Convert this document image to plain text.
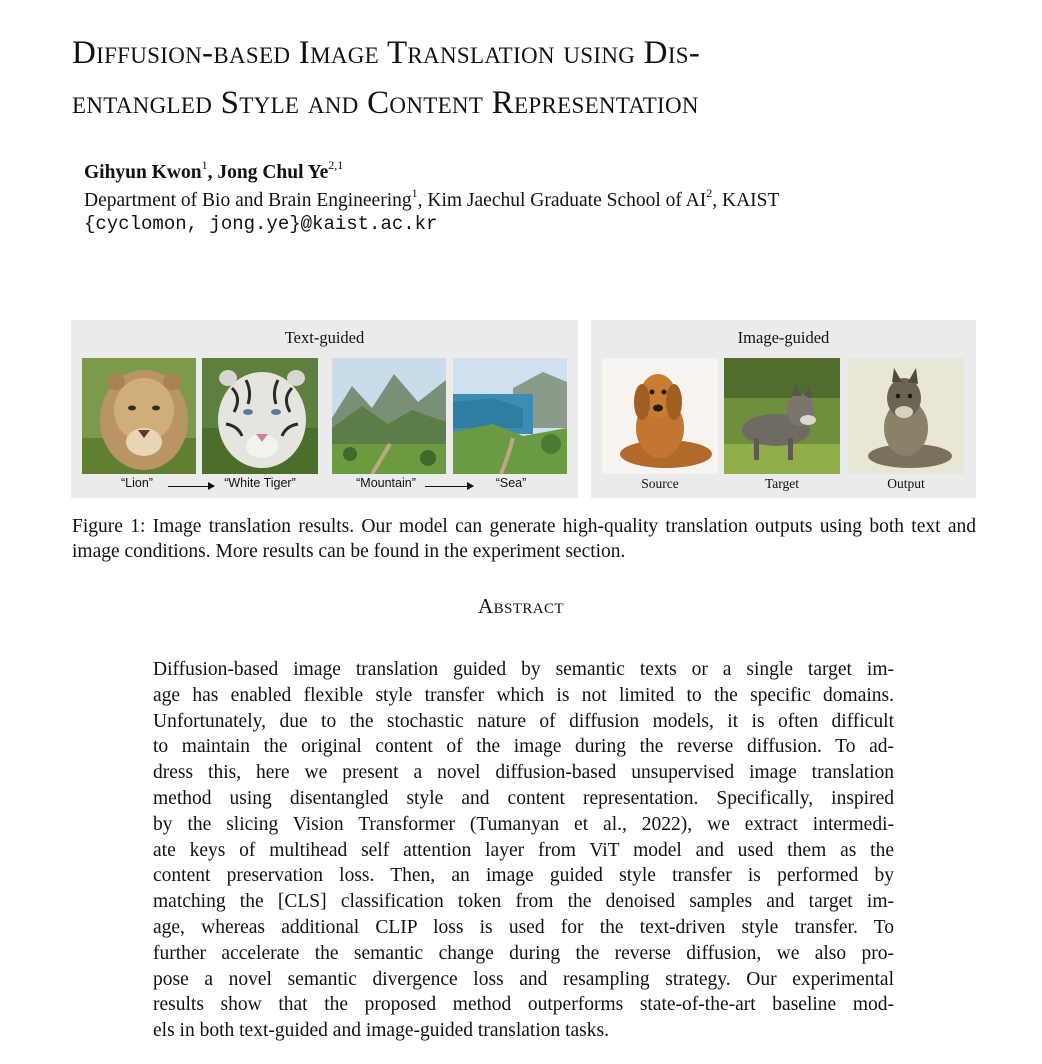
Diffusion-based Image Translation using Dis-
entangled Style and Content Representation
Gihyun Kwon$^1$, Jong Chul Ye$^{2,1}$
Department of Bio and Brain Engineering$^1$, Kim Jaechul Graduate School of $AI^2$, KAIST
{cyclomon, jong.ye}@kaist.ac.kr
Text-guided
“Lion”	“White Tiger”	“Mountain”	“Sea”
Image-guided
Source	Target	Output

Figure 1: Image translation results. Our model can generate high-quality translation outputs using both text and image conditions. More results can be found in the experiment section.

Abstract
Diffusion-based image translation guided by semantic texts or a single target im-
age has enabled flexible style transfer which is not limited to the specific domains.
Unfortunately, due to the stochastic nature of diffusion models, it is often difficult
to maintain the original content of the image during the reverse diffusion. To ad-
dress this, here we present a novel diffusion-based unsupervised image translation
method using disentangled style and content representation. Specifically, inspired
by the slicing Vision Transformer (Tumanyan et al., 2022), we extract intermedi-
ate keys of multihead self attention layer from ViT model and used them as the
content preservation loss. Then, an image guided style transfer is performed by
matching the [CLS] classification token from the denoised samples and target im-
age, whereas additional CLIP loss is used for the text-driven style transfer. To
further accelerate the semantic change during the reverse diffusion, we also pro-
pose a novel semantic divergence loss and resampling strategy. Our experimental
results show that the proposed method outperforms state-of-the-art baseline mod-
els in both text-guided and image-guided translation tasks.
